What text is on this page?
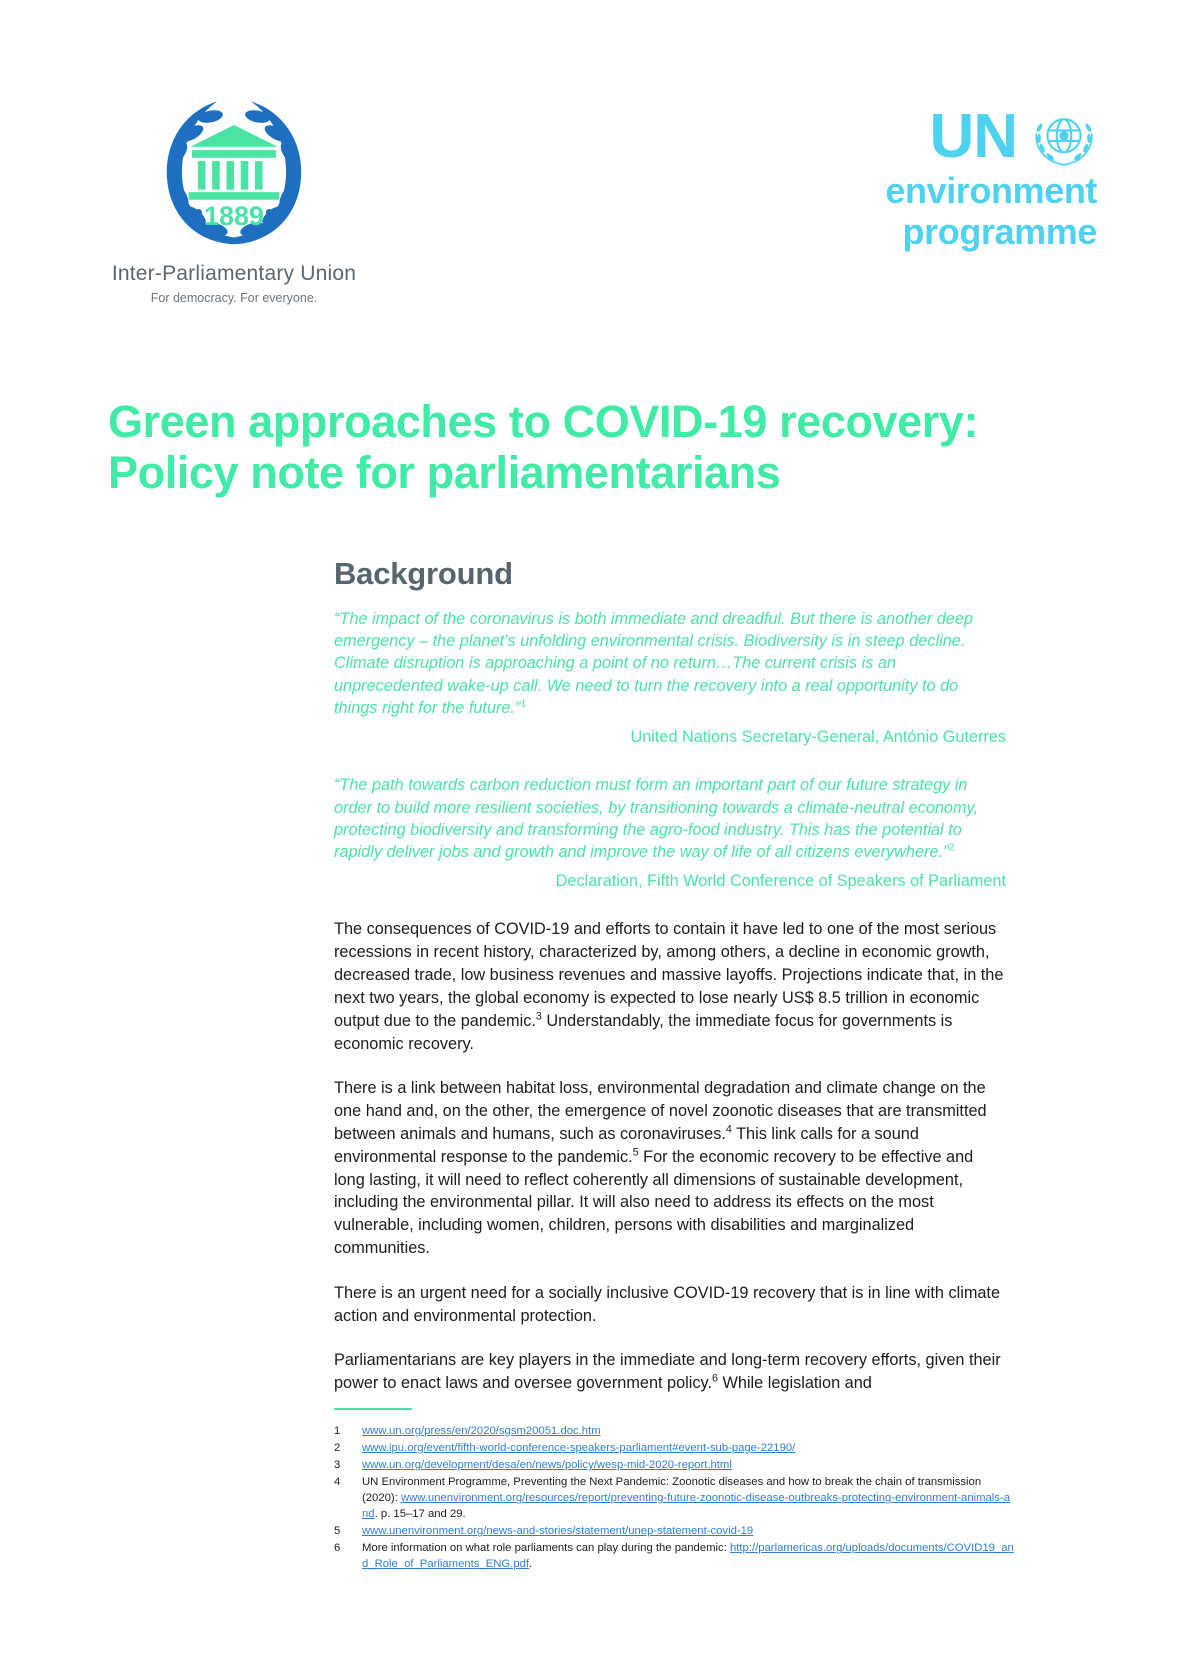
1889
Inter-Parliamentary Union
For democracy. For everyone.
UN
environment
programme
Green approaches to COVID-19 recovery:
Policy note for parliamentarians
Background

“The impact of the coronavirus is both immediate and dreadful. But there is another deep emergency – the planet’s unfolding environmental crisis. Biodiversity is in steep decline. Climate disruption is approaching a point of no return…The current crisis is an unprecedented wake-up call. We need to turn the recovery into a real opportunity to do things right for the future.”$^1$

United Nations Secretary-General, António Guterres

“The path towards carbon reduction must form an important part of our future strategy in order to build more resilient societies, by transitioning towards a climate-neutral economy, protecting biodiversity and transforming the agro-food industry. This has the potential to rapidly deliver jobs and growth and improve the way of life of all citizens everywhere.”$^2$

Declaration, Fifth World Conference of Speakers of Parliament

The consequences of COVID-19 and efforts to contain it have led to one of the most serious recessions in recent history, characterized by, among others, a decline in economic growth, decreased trade, low business revenues and massive layoffs. Projections indicate that, in the next two years, the global economy is expected to lose nearly US$ 8.5 trillion in economic output due to the pandemic.$^3$ Understandably, the immediate focus for governments is economic recovery.

There is a link between habitat loss, environmental degradation and climate change on the one hand and, on the other, the emergence of novel zoonotic diseases that are transmitted between animals and humans, such as coronaviruses.$^4$ This link calls for a sound environmental response to the pandemic.$^5$ For the economic recovery to be effective and long lasting, it will need to reflect coherently all dimensions of sustainable development, including the environmental pillar. It will also need to address its effects on the most vulnerable, including women, children, persons with disabilities and marginalized communities.

There is an urgent need for a socially inclusive COVID-19 recovery that is in line with climate action and environmental protection.

Parliamentarians are key players in the immediate and long-term recovery efforts, given their power to enact laws and oversee government policy.$^6$ While legislation and

1	www.un.org/press/en/2020/sgsm20051.doc.htm
2	www.ipu.org/event/fifth-world-conference-speakers-parliament#event-sub-page-22190/
3	www.un.org/development/desa/en/news/policy/wesp-mid-2020-report.html
4	UN Environment Programme, Preventing the Next Pandemic: Zoonotic diseases and how to break the chain of transmission (2020): www.unenvironment.org/resources/report/preventing-future-zoonotic-disease-outbreaks-protecting-environment-animals-and. p. 15–17 and 29.
5	www.unenvironment.org/news-and-stories/statement/unep-statement-covid-19
6	More information on what role parliaments can play during the pandemic: http://parlamericas.org/uploads/documents/COVID19_and_Role_of_Parliaments_ENG.pdf.
